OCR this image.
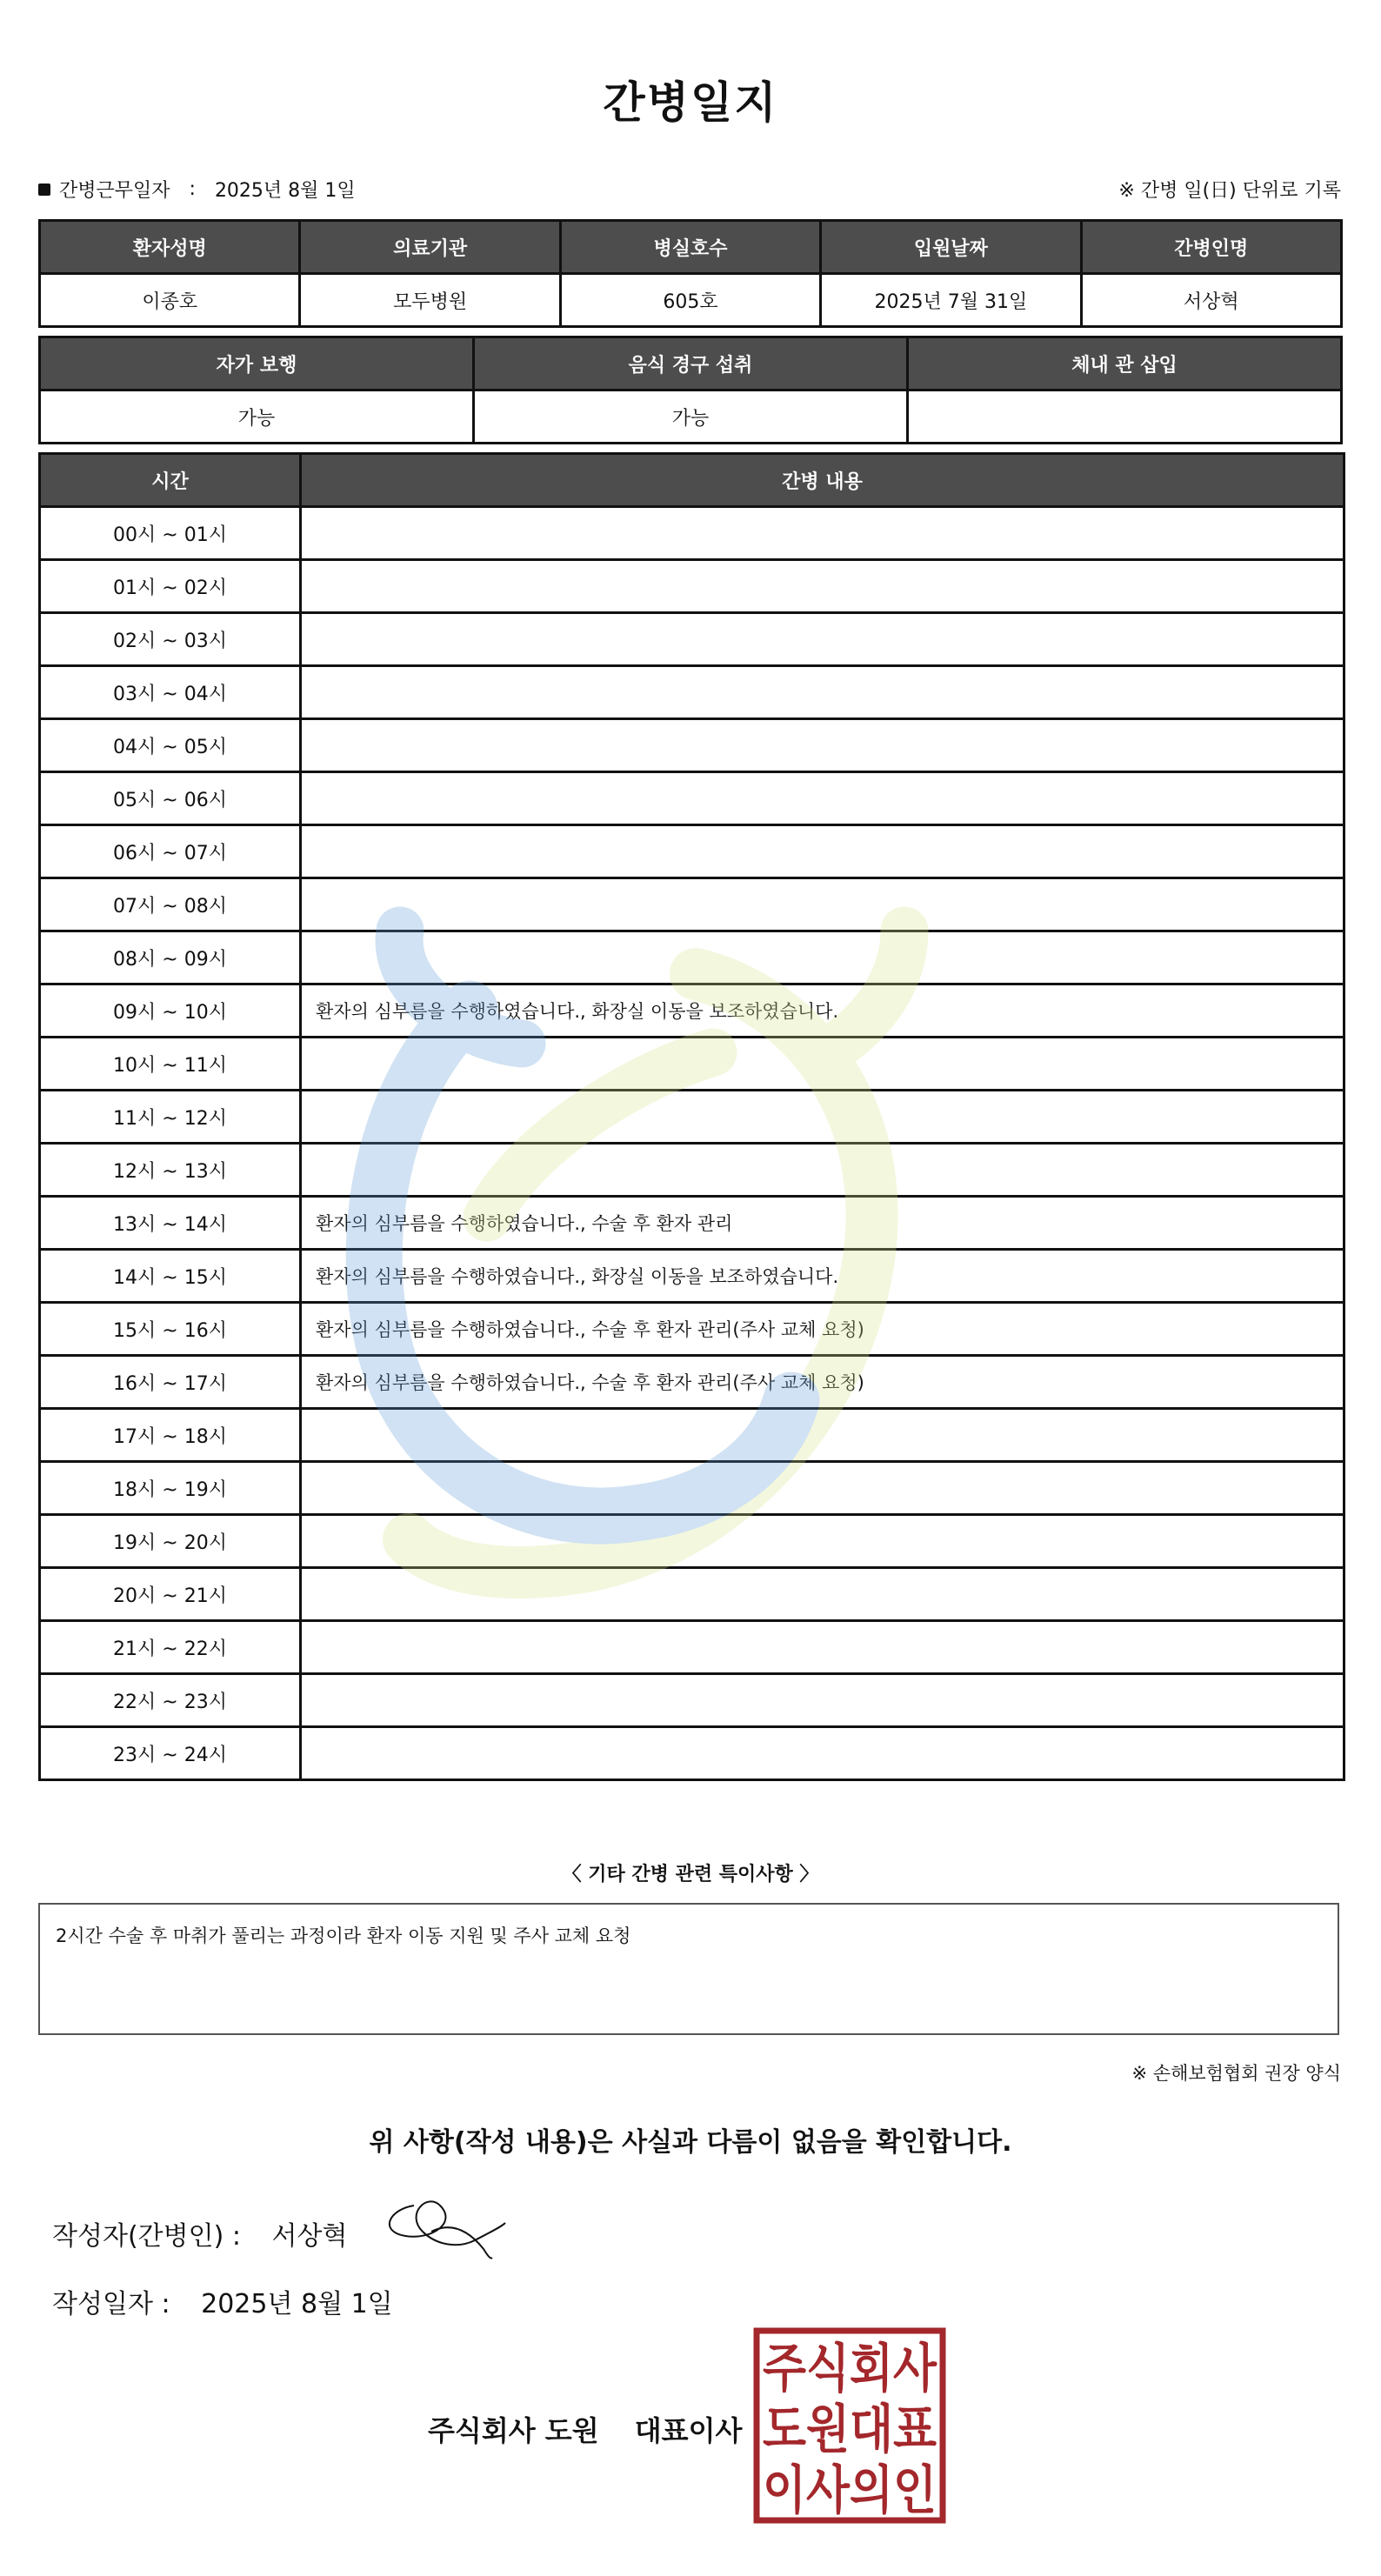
간병일지
간병근무일자 : 2025년 8월 1일	※ 간병 일(日) 단위로 기록
환자성명	의료기관	병실호수	입원날짜	간병인명
이종호	모두병원	605호	2025년 7월 31일	서상혁
자가 보행	음식 경구 섭취	체내 관 삽입
가능	가능	
시간	간병 내용
00시 ~ 01시	
01시 ~ 02시	
02시 ~ 03시	
03시 ~ 04시	
04시 ~ 05시	
05시 ~ 06시	
06시 ~ 07시	
07시 ~ 08시	
08시 ~ 09시	
09시 ~ 10시	환자의 심부름을 수행하였습니다., 화장실 이동을 보조하였습니다.
10시 ~ 11시	
11시 ~ 12시	
12시 ~ 13시	
13시 ~ 14시	환자의 심부름을 수행하였습니다., 수술 후 환자 관리
14시 ~ 15시	환자의 심부름을 수행하였습니다., 화장실 이동을 보조하였습니다.
15시 ~ 16시	환자의 심부름을 수행하였습니다., 수술 후 환자 관리(주사 교체 요청)
16시 ~ 17시	환자의 심부름을 수행하였습니다., 수술 후 환자 관리(주사 교체 요청)
17시 ~ 18시	
18시 ~ 19시	
19시 ~ 20시	
20시 ~ 21시	
21시 ~ 22시	
22시 ~ 23시	
23시 ~ 24시	
〈 기타 간병 관련 특이사항 〉
2시간 수술 후 마취가 풀리는 과정이라 환자 이동 지원 및 주사 교체 요청
※ 손해보험협회 권장 양식
위 사항(작성 내용)은 사실과 다름이 없음을 확인합니다.
작성자(간병인) : 서상혁
작성일자 : 2025년 8월 1일
주식회사 도원 대표이사
주식회사
도원대표
이사의인
